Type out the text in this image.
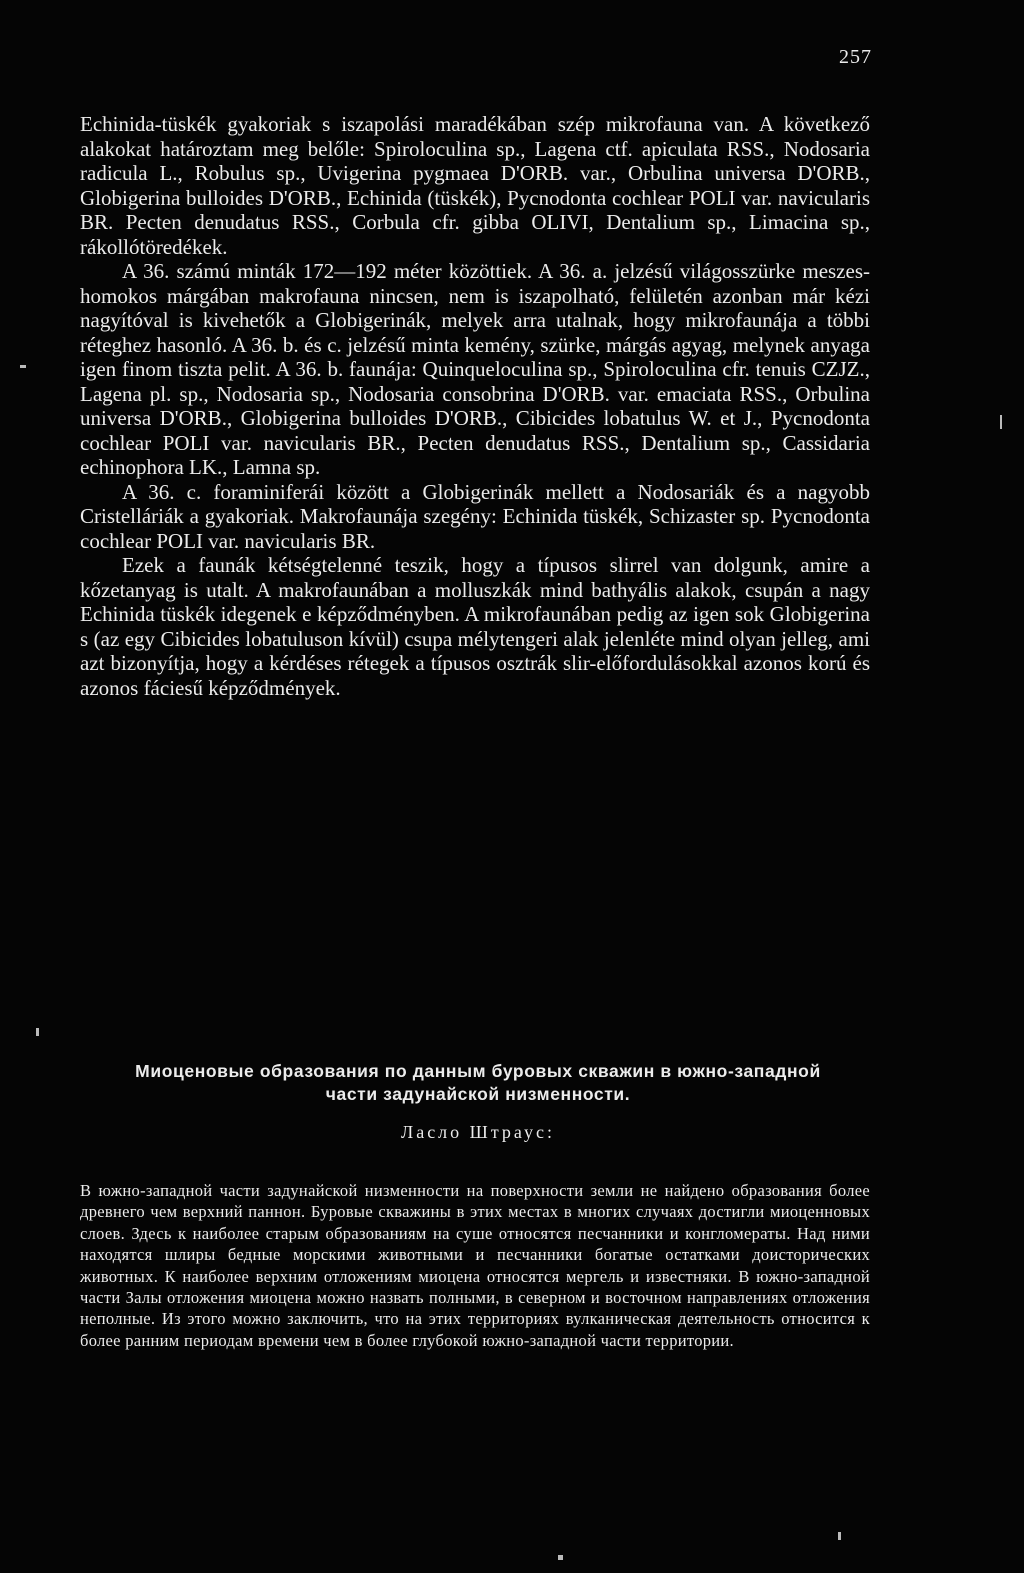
257

Echinida-tüskék gyakoriak s iszapolási maradékában szép mikrofauna van. A következő alakokat határoztam meg belőle: Spiroloculina sp., Lagena ctf. apiculata RSS., Nodosaria radicula L., Robulus sp., Uvigerina pygmaea D'ORB. var., Orbulina universa D'ORB., Globigerina bulloides D'ORB., Echinida (tüskék), Pycnodonta cochlear POLI var. navicularis BR. Pecten denudatus RSS., Corbula cfr. gibba OLIVI, Dentalium sp., Limacina sp., rákollótöredékek.

A 36. számú minták 172—192 méter közöttiek. A 36. a. jelzésű világosszürke meszes-homokos márgában makrofauna nincsen, nem is iszapolható, felületén azonban már kézi nagyítóval is kivehetők a Globigerinák, melyek arra utalnak, hogy mikrofaunája a többi réteghez hasonló. A 36. b. és c. jelzésű minta kemény, szürke, márgás agyag, melynek anyaga igen finom tiszta pelit. A 36. b. faunája: Quinqueloculina sp., Spiroloculina cfr. tenuis CZJZ., Lagena pl. sp., Nodosaria sp., Nodosaria consobrina D'ORB. var. emaciata RSS., Orbulina universa D'ORB., Globigerina bulloides D'ORB., Cibicides lobatulus W. et J., Pycnodonta cochlear POLI var. navicularis BR., Pecten denudatus RSS., Dentalium sp., Cassidaria echinophora LK., Lamna sp.

A 36. c. foraminiferái között a Globigerinák mellett a Nodosariák és a nagyobb Cristelláriák a gyakoriak. Makrofaunája szegény: Echinida tüskék, Schizaster sp. Pycnodonta cochlear POLI var. navicularis BR.

Ezek a faunák kétségtelenné teszik, hogy a típusos slirrel van dolgunk, amire a kőzetanyag is utalt. A makrofaunában a molluszkák mind bathyális alakok, csupán a nagy Echinida tüskék idegenek e képződményben. A mikrofaunában pedig az igen sok Globigerina s (az egy Cibicides lobatuluson kívül) csupa mélytengeri alak jelenléte mind olyan jelleg, ami azt bizonyítja, hogy a kérdéses rétegek a típusos osztrák slir-előfordulásokkal azonos korú és azonos fáciesű képződmények.

Миоценовые образования по данным буровых скважин в южно-западной
части задунайской низменности.
Ласло Штраус:

В южно-западной части задунайской низменности на поверхности земли не найдено образования более древнего чем верхний паннон. Буровые скважины в этих местах в многих случаях достигли миоценновых слоев. Здесь к наиболее старым образованиям на суше относятся песчанники и конгломераты. Над ними находятся шлиры бедные морскими животными и песчанники богатые остатками доисторических животных. К наиболее верхним отложениям миоцена относятся мергель и известняки. В южно-западной части Залы отложения миоцена можно назвать полными, в северном и восточном направлениях отложения неполные. Из этого можно заключить, что на этих территориях вулканическая деятельность относится к более ранним периодам времени чем в более глубокой южно-западной части территории.
